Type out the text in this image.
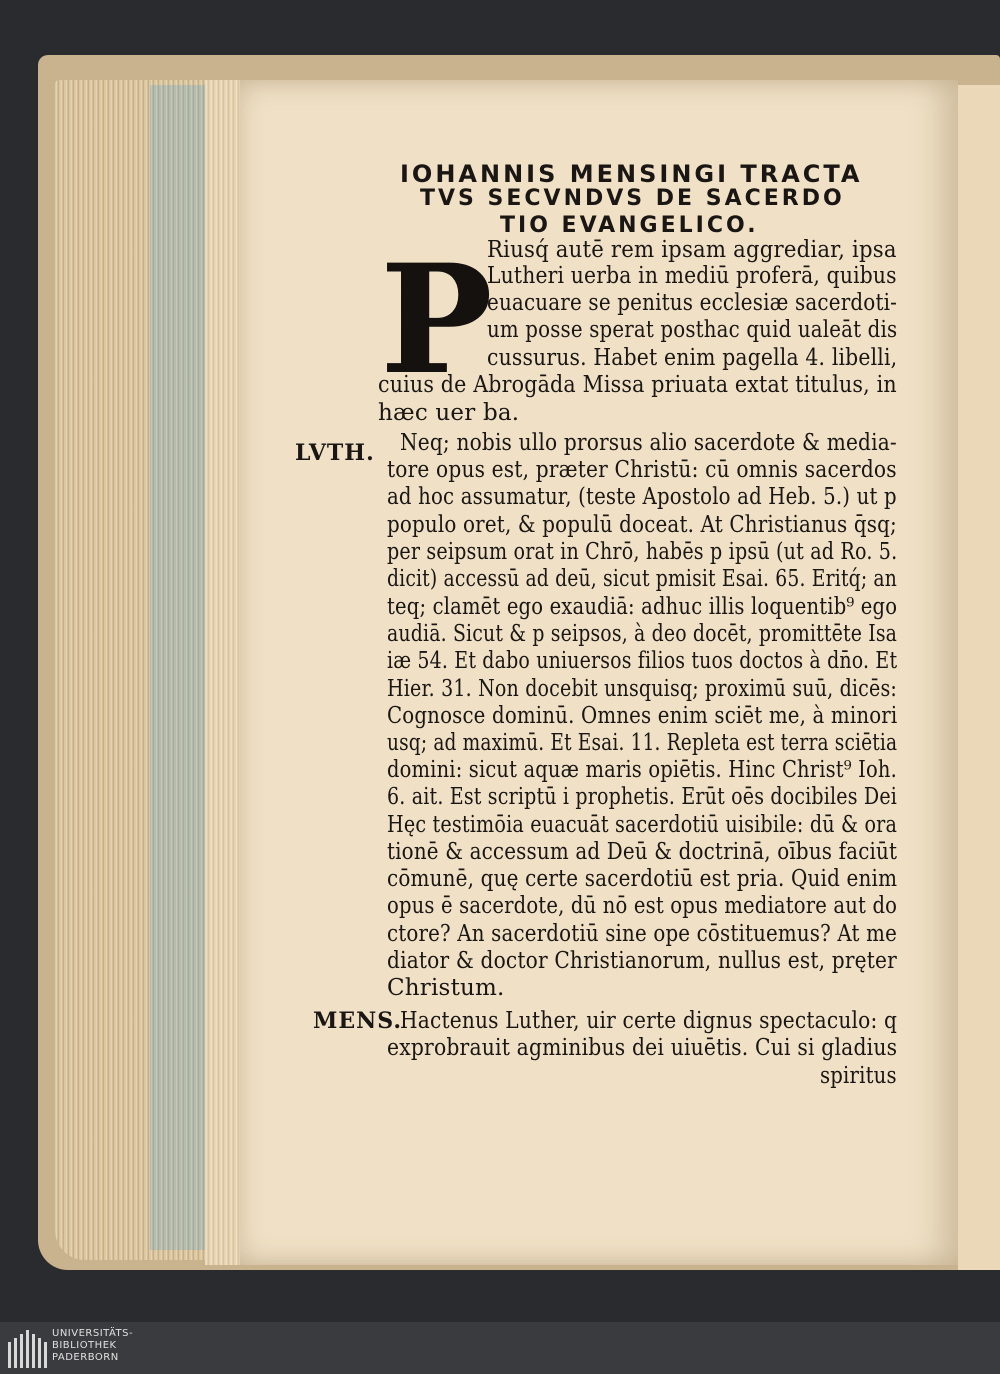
IOHANNIS MENSINGI TRACTA
TVS SECVNDVS DE SACERDO
TIO EVANGELICO.
P
Riusq́ autē rem ipsam aggrediar, ipsa
Lutheri uerba in mediū proferā, quibus
euacuare se penitus ecclesiæ sacerdoti-
um posse sperat posthac quid ualeāt dis
cussurus. Habet enim pagella 4. libelli,
cuius de Abrogāda Missa priuata extat titulus, in
hæc uer ba.
Neq; nobis ullo prorsus alio sacerdote & media-
tore opus est, præter Christū: cū omnis sacerdos
ad hoc assumatur, (teste Apostolo ad Heb. 5.) ut p
populo oret, & populū doceat. At Christianus q̄sq;
per seipsum orat in Chrō, habēs p ipsū (ut ad Ro. 5.
dicit) accessū ad deū, sicut pmisit Esai. 65. Eritq́; an
teq; clamēt ego exaudiā: adhuc illis loquentib⁹ ego
audiā. Sicut & p seipsos, à deo docēt, promittēte Isa
iæ 54. Et dabo uniuersos filios tuos doctos à dn̄o. Et
Hier. 31. Non docebit unsquisq; proximū suū, dicēs:
Cognosce dominū. Omnes enim sciēt me, à minori
usq; ad maximū. Et Esai. 11. Repleta est terra sciētia
domini: sicut aquæ maris opiētis. Hinc Christ⁹ Ioh.
6. ait. Est scriptū i prophetis. Erūt oēs docibiles Dei
Hęc testimōia euacuāt sacerdotiū uisibile: dū & ora
tionē & accessum ad Deū & doctrinā, oībus faciūt
cōmunē, quę certe sacerdotiū est pria. Quid enim
opus ē sacerdote, dū nō est opus mediatore aut do
ctore? An sacerdotiū sine ope cōstituemus? At me
diator & doctor Christianorum, nullus est, pręter
Christum.
Hactenus Luther, uir certe dignus spectaculo: q
exprobrauit agminibus dei uiuētis. Cui si gladius
spiritus
LVTH.
MENS.
UNIVERSITÄTS-
BIBLIOTHEK
PADERBORN
